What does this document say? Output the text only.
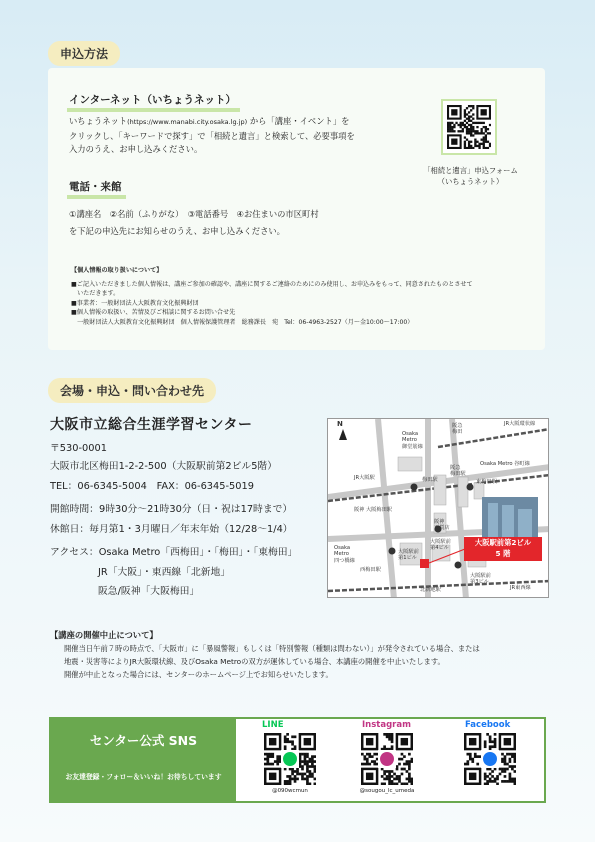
申込方法
インターネット（いちょうネット）
いちょうネット(https://www.manabi.city.osaka.lg.jp) から「講座・イベント」を
クリックし、「キーワードで探す」で「相続と遺言」と検索して、必要事項を
入力のうえ、お申し込みください。
「相続と遺言」申込フォーム
（いちょうネット）
電話・来館
①講座名　②名前（ふりがな）　③電話番号　④お住まいの市区町村
を下記の申込先にお知らせのうえ、お申し込みください。
【個人情報の取り扱いについて】
■ご記入いただきました個人情報は、講座ご参加の確認や、講座に関するご連絡のためにのみ使用し、お申込みをもって、同意されたものとさせて
　いただきます。
■事業者：一般財団法人大阪教育文化振興財団
■個人情報の取扱い、苦情及びご相談に関するお問い合せ先
　一般財団法人大阪教育文化振興財団　個人情報保護管理者　総務課長　宛　Tel：06-4963-2527（月～金10:00～17:00）
会場・申込・問い合わせ先
大阪市立総合生涯学習センター
〒530-0001
大阪市北区梅田1-2-2-500（大阪駅前第2ビル5階）
TEL：06-6345-5004　FAX：06-6345-5019
開館時間：9時30分～21時30分（日・祝は17時まで）
休館日：毎月第1・3月曜日／年末年始（12/28～1/4）
アクセス：Osaka Metro「西梅田」・「梅田」・「東梅田」
JR「大阪」・東西線「北新地」
阪急/阪神「大阪梅田」
N
Osaka
Metro
御堂筋線
阪急
梅田
JR大阪環状線
Osaka Metro 谷町線
JR大阪駅
阪急
梅田駅
東梅田駅
梅田駅
阪神 大阪梅田駅
阪神
百貨店
西梅田駅
Osaka
Metro
四つ橋線
大阪駅前
第4ビル
大阪駅前
第1ビル
大阪駅前
第3ビル
北新地駅	JR東西線
大阪駅前第2ビル
5 階
【講座の開催中止について】
開催当日午前７時の時点で、「大阪市」に「暴風警報」もしくは「特別警報（種類は問わない）」が発令されている場合、または
地震・災害等によりJR大阪環状線、及びOsaka Metroの双方が運休している場合、本講座の開催を中止いたします。
開催が中止となった場合には、センターのホームページ上でお知らせいたします。
センター公式 SNS
お友達登録・フォロー＆いいね！お待ちしています
LINE
@090wcmun
Instagram
@sougou_lc_umeda
Facebook
